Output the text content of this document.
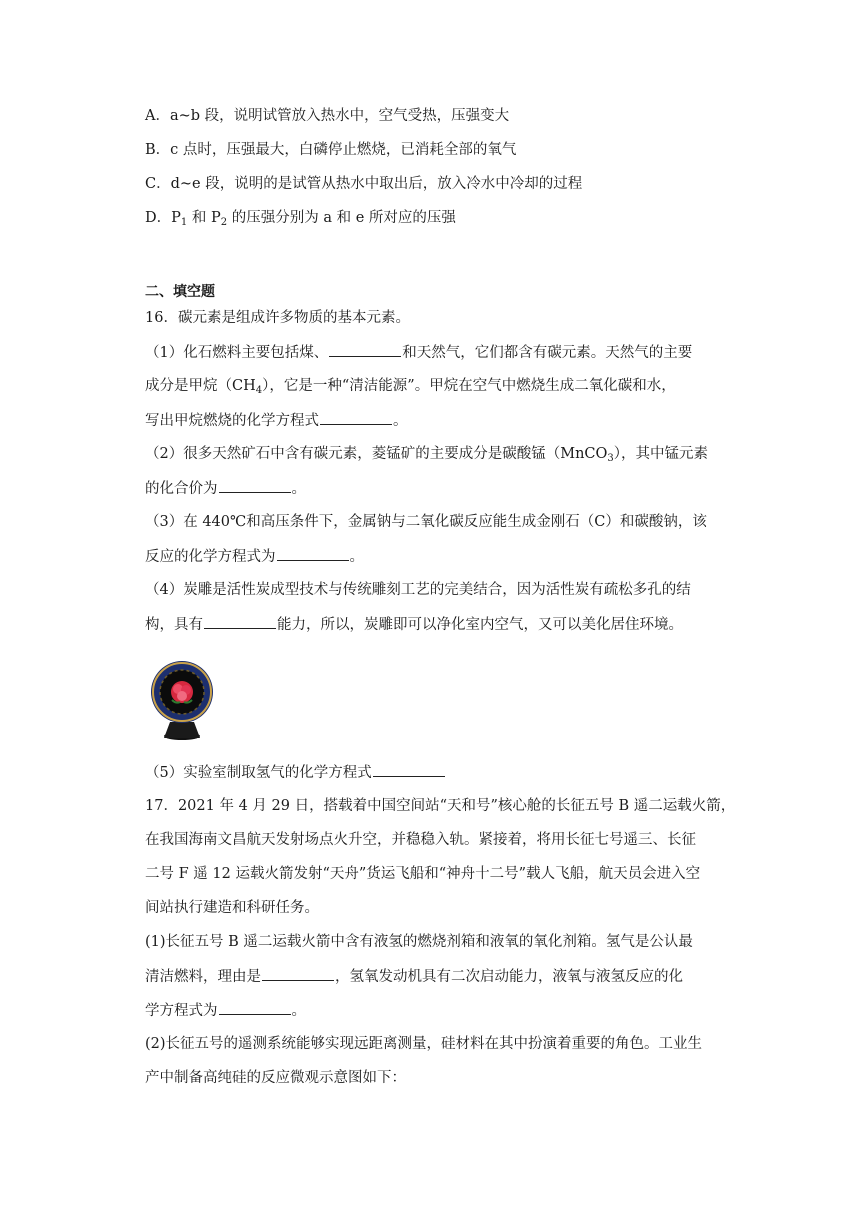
A．a~b 段，说明试管放入热水中，空气受热，压强变大
B．c 点时，压强最大，白磷停止燃烧，已消耗全部的氧气
C．d~e 段，说明的是试管从热水中取出后，放入冷水中冷却的过程
D．$P_1$ 和 $P_2$ 的压强分别为 a 和 e 所对应的压强
二、填空题
16．碳元素是组成许多物质的基本元素。
（1）化石燃料主要包括煤、	和天然气，它们都含有碳元素。天然气的主要
成分是甲烷$(CH_4)$，它是一种“清洁能源”。甲烷在空气中燃烧生成二氧化碳和水，
写出甲烷燃烧的化学方程式	。
（2）很多天然矿石中含有碳元素，菱锰矿的主要成分是碳酸锰（MnCO$_3$），其中锰元素
的化合价为	。
（3）在 440℃和高压条件下，金属钠与二氧化碳反应能生成金刚石（C）和碳酸钠，该
反应的化学方程式为	。
（4）炭雕是活性炭成型技术与传统雕刻工艺的完美结合，因为活性炭有疏松多孔的结
构，具有	能力，所以，炭雕即可以净化室内空气，又可以美化居住环境。
（5）实验室制取氢气的化学方程式
17．2021 年 4 月 29 日，搭载着中国空间站“天和号”核心舱的长征五号 B 遥二运载火箭，
在我国海南文昌航天发射场点火升空，并稳稳入轨。紧接着，将用长征七号遥三、长征
二号 F 遥 12 运载火箭发射“天舟”货运飞船和“神舟十二号”载人飞船，航天员会进入空
间站执行建造和科研任务。
(1)长征五号 B 遥二运载火箭中含有液氢的燃烧剂箱和液氧的氧化剂箱。氢气是公认最
清洁燃料，理由是	，氢氧发动机具有二次启动能力，液氧与液氢反应的化
学方程式为	。
(2)长征五号的遥测系统能够实现远距离测量，硅材料在其中扮演着重要的角色。工业生
产中制备高纯硅的反应微观示意图如下：
